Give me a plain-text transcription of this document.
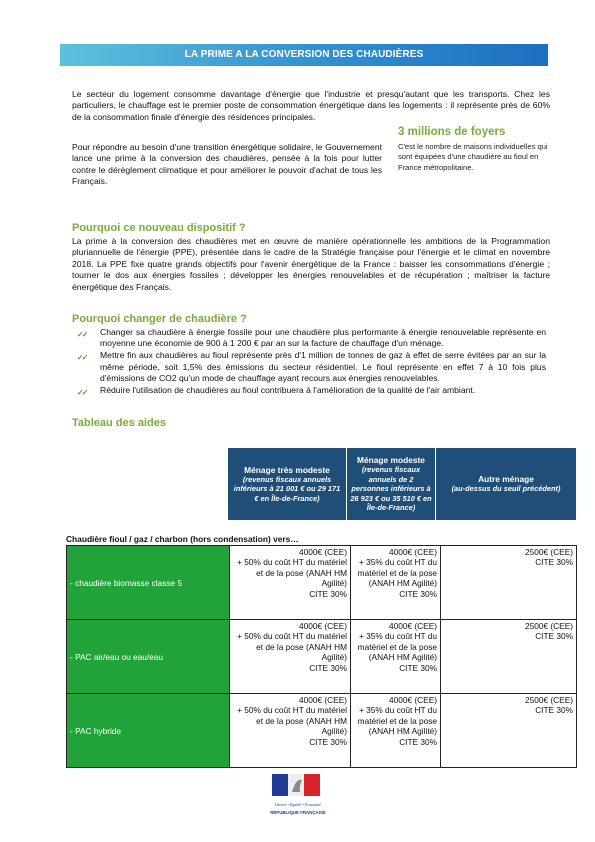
LA PRIME A LA CONVERSION DES CHAUDIÈRES

Le secteur du logement consomme davantage d'énergie que l'industrie et presqu'autant que les transports. Chez les particuliers, le chauffage est le premier poste de consommation énergétique dans les logements : il représente près de 60% de la consommation finale d'énergie des résidences principales.

Pour répondre au besoin d'une transition énergétique solidaire, le Gouvernement lance une prime à la conversion des chaudières, pensée à la fois pour lutter contre le dérèglement climatique et pour améliorer le pouvoir d'achat de tous les Français.

3 millions de foyers

C'est le nombre de maisons individuelles qui sont équipées d'une chaudière au fioul en France métropolitaine.

Pourquoi ce nouveau dispositif ?

La prime à la conversion des chaudières met en œuvre de manière opérationnelle les ambitions de la Programmation pluriannuelle de l'énergie (PPE), présentée dans le cadre de la Stratégie française pour l'énergie et le climat en novembre 2018. La PPE fixe quatre grands objectifs pour l'avenir énergétique de la France : baisser les consommations d'énergie ; tourner le dos aux énergies fossiles ; développer les énergies renouvelables et de récupération ; maîtriser la facture énergétique des Français.

Pourquoi changer de chaudière ?

✓✓ Changer sa chaudière à énergie fossile pour une chaudière plus performante à énergie renouvelable représente en moyenne une économie de 900 à 1 200 € par an sur la facture de chauffage d'un ménage.
✓✓ Mettre fin aux chaudières au fioul représente près d'1 million de tonnes de gaz à effet de serre évitées par an sur la même période, soit 1,5% des émissions du secteur résidentiel. Le fioul représente en effet 7 à 10 fois plus d'émissions de CO2 qu'un mode de chauffage ayant recours aux énergies renouvelables.
✓✓ Réduire l'utilisation de chaudières au fioul contribuera à l'amélioration de la qualité de l'air ambiant.

Tableau des aides

Ménage très modeste
(revenus fiscaux annuels inférieurs à 21 001 € ou 29 171 € en Île-de-France)

Ménage modeste
(revenus fiscaux annuels de 2 personnes inférieurs à 26 923 € ou 35 510 € en Île-de-France)

Autre ménage
(au-dessus du seuil précédent)

Chaudière fioul / gaz / charbon (hors condensation) vers…

- chaudière biomasse classe 5	4000€ (CEE)
+ 50% du coût HT du matériel et de la pose (ANAH HM Agilité)
CITE 30%	4000€ (CEE)
+ 35% du coût HT du matériel et de la pose (ANAH HM Agilité)
CITE 30%	2500€ (CEE)
CITE 30%
- PAC air/eau ou eau/eau	4000€ (CEE)
+ 50% du coût HT du matériel et de la pose (ANAH HM Agilité)
CITE 30%	4000€ (CEE)
+ 35% du coût HT du matériel et de la pose (ANAH HM Agilité)
CITE 30%	2500€ (CEE)
CITE 30%
- PAC hybride	4000€ (CEE)
+ 50% du coût HT du matériel et de la pose (ANAH HM Agilité)
CITE 30%	4000€ (CEE)
+ 35% du coût HT du matériel et de la pose (ANAH HM Agilité)
CITE 30%	2500€ (CEE)
CITE 30%
Liberté • Égalité • Fraternité
RÉPUBLIQUE FRANÇAISE
